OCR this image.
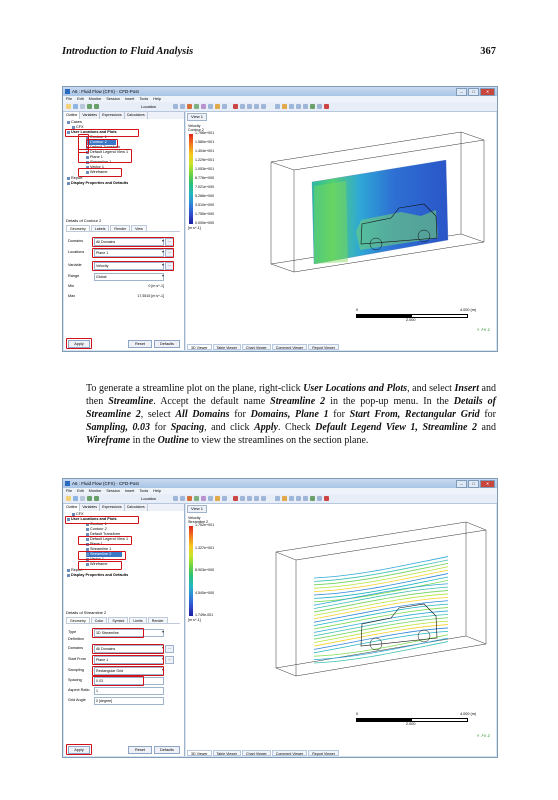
Introduction to Fluid Analysis	367
A6 : Fluid Flow (CFX) - CFD-Post	–	□	✕
File Edit Monitor Session Insert Tools Help
Location
Outline	Variables	Expressions	Calculators
Cases
CFX
User Locations and Plots
Contour 1
Contour 2
Default Transform
Default Legend View 1
Plane 1
Streamline 1
Vector 1
Wireframe
Report
Display Properties and Defaults
Details of Contour 2
Geometry	Labels	Render	View
Domains	All Domains	...
Locations	Plane 1	...
Variable	Velocity	...
Range	Global
Min	0 [m s^-1]
Max	17.5515 [m s^-1]
Apply	Reset	Defaults
View 1
Velocity
Contour 2
1.756e+001
1.580e+001
1.404e+001
1.229e+001
1.053e+001
8.776e+000
7.021e+000
5.266e+000
3.510e+000
1.755e+000
0.000e+000
[m s^-1]
0	4.000 (m)
2.000
Y ↗X Z
3D Viewer	Table Viewer	Chart Viewer	Comment Viewer	Report Viewer

To generate a streamline plot on the plane, right-click User Locations and Plots, and select Insert and then Streamline. Accept the default name Streamline 2 in the pop-up menu. In the Details of Streamline 2, select All Domains for Domains, Plane 1 for Start From, Rectangular Grid for Sampling, 0.03 for Spacing, and click Apply. Check Default Legend View 1, Streamline 2 and Wireframe in the Outline to view the streamlines on the section plane.

A6 : Fluid Flow (CFX) - CFD-Post	–	□	✕
File Edit Monitor Session Insert Tools Help
Location
Outline	Variables	Expressions	Calculators
CFX
User Locations and Plots
Contour 1
Contour 2
Default Transform
Default Legend View 1
Plane 1
Streamline 1
Streamline 2
Vector 1
Wireframe
Report
Display Properties and Defaults
Details of Streamline 2
Geometry	Color	Symbol	Limits	Render
Type	3D Streamline
Definition
Domains	All Domains	...
Start From	Plane 1	...
Sampling	Rectangular Grid
Spacing	0.03
Aspect Ratio	1
Grid Angle	0 [degree]
Apply	Reset	Defaults
View 1
Velocity
Streamline 2
1.752e+001
1.327e+001
8.903e+000
4.540e+000
1.749e-001
[m s^-1]
0	4.000 (m)
2.000
Y ↗X Z
3D Viewer	Table Viewer	Chart Viewer	Comment Viewer	Report Viewer
